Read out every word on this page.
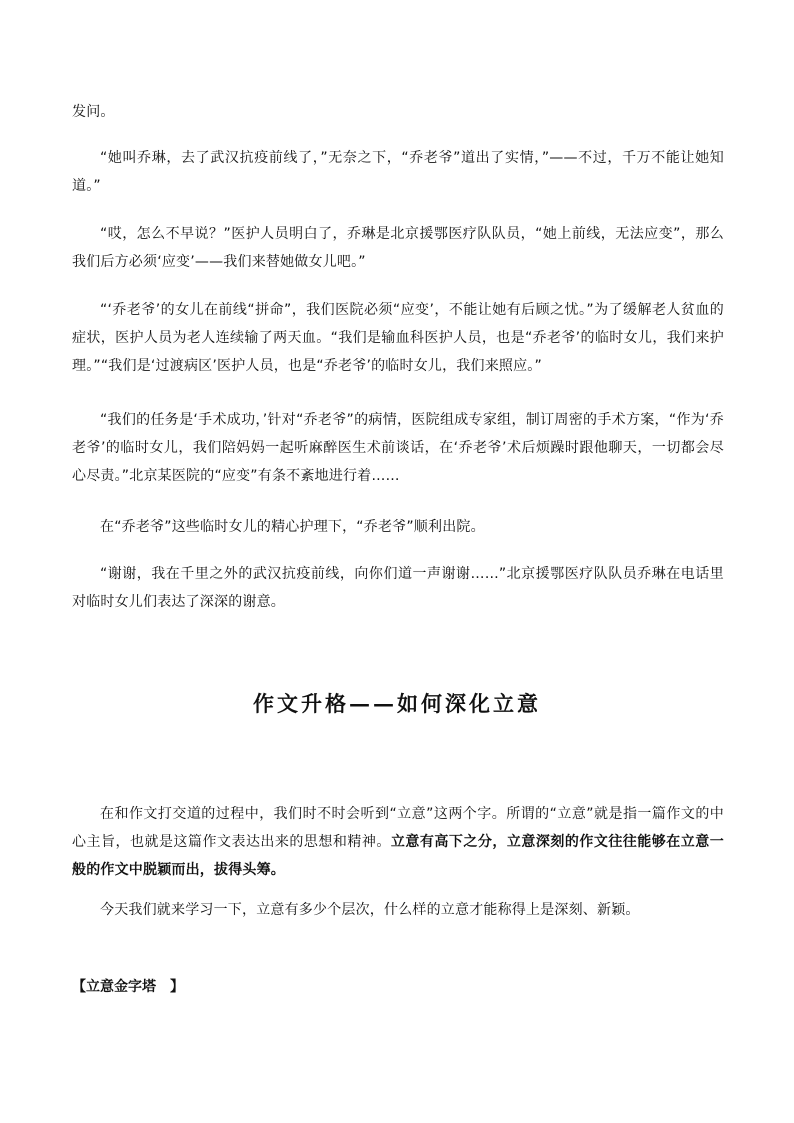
发问。
“她叫乔琳，去了武汉抗疫前线了，”无奈之下，“乔老爷”道出了实情，”——不过，千万不能让她知道。”
“哎，怎么不早说？”医护人员明白了，乔琳是北京援鄂医疗队队员，“她上前线，无法应变”，那么我们后方必须‘应变’——我们来替她做女儿吧。”
“‘乔老爷’的女儿在前线“拼命”，我们医院必须“应变’，不能让她有后顾之忧。”为了缓解老人贫血的症状，医护人员为老人连续输了两天血。“我们是输血科医护人员，也是“乔老爷’的临时女儿，我们来护理。”“我们是‘过渡病区’医护人员，也是“乔老爷’的临时女儿，我们来照应。”
“我们的任务是‘手术成功，’针对“乔老爷”的病情，医院组成专家组，制订周密的手术方案，“作为‘乔老爷’的临时女儿，我们陪妈妈一起听麻醉医生术前谈话，在‘乔老爷’术后烦躁时跟他聊天，一切都会尽心尽责。”北京某医院的“应变”有条不紊地进行着……
在“乔老爷”这些临时女儿的精心护理下，“乔老爷”顺利出院。
“谢谢，我在千里之外的武汉抗疫前线，向你们道一声谢谢……”北京援鄂医疗队队员乔琳在电话里对临时女儿们表达了深深的谢意。
作文升格——如何深化立意
在和作文打交道的过程中，我们时不时会听到“立意”这两个字。所谓的“立意”就是指一篇作文的中心主旨，也就是这篇作文表达出来的思想和精神。立意有高下之分，立意深刻的作文往往能够在立意一般的作文中脱颖而出，拔得头筹。
今天我们就来学习一下，立意有多少个层次，什么样的立意才能称得上是深刻、新颖。
【立意金字塔　】
